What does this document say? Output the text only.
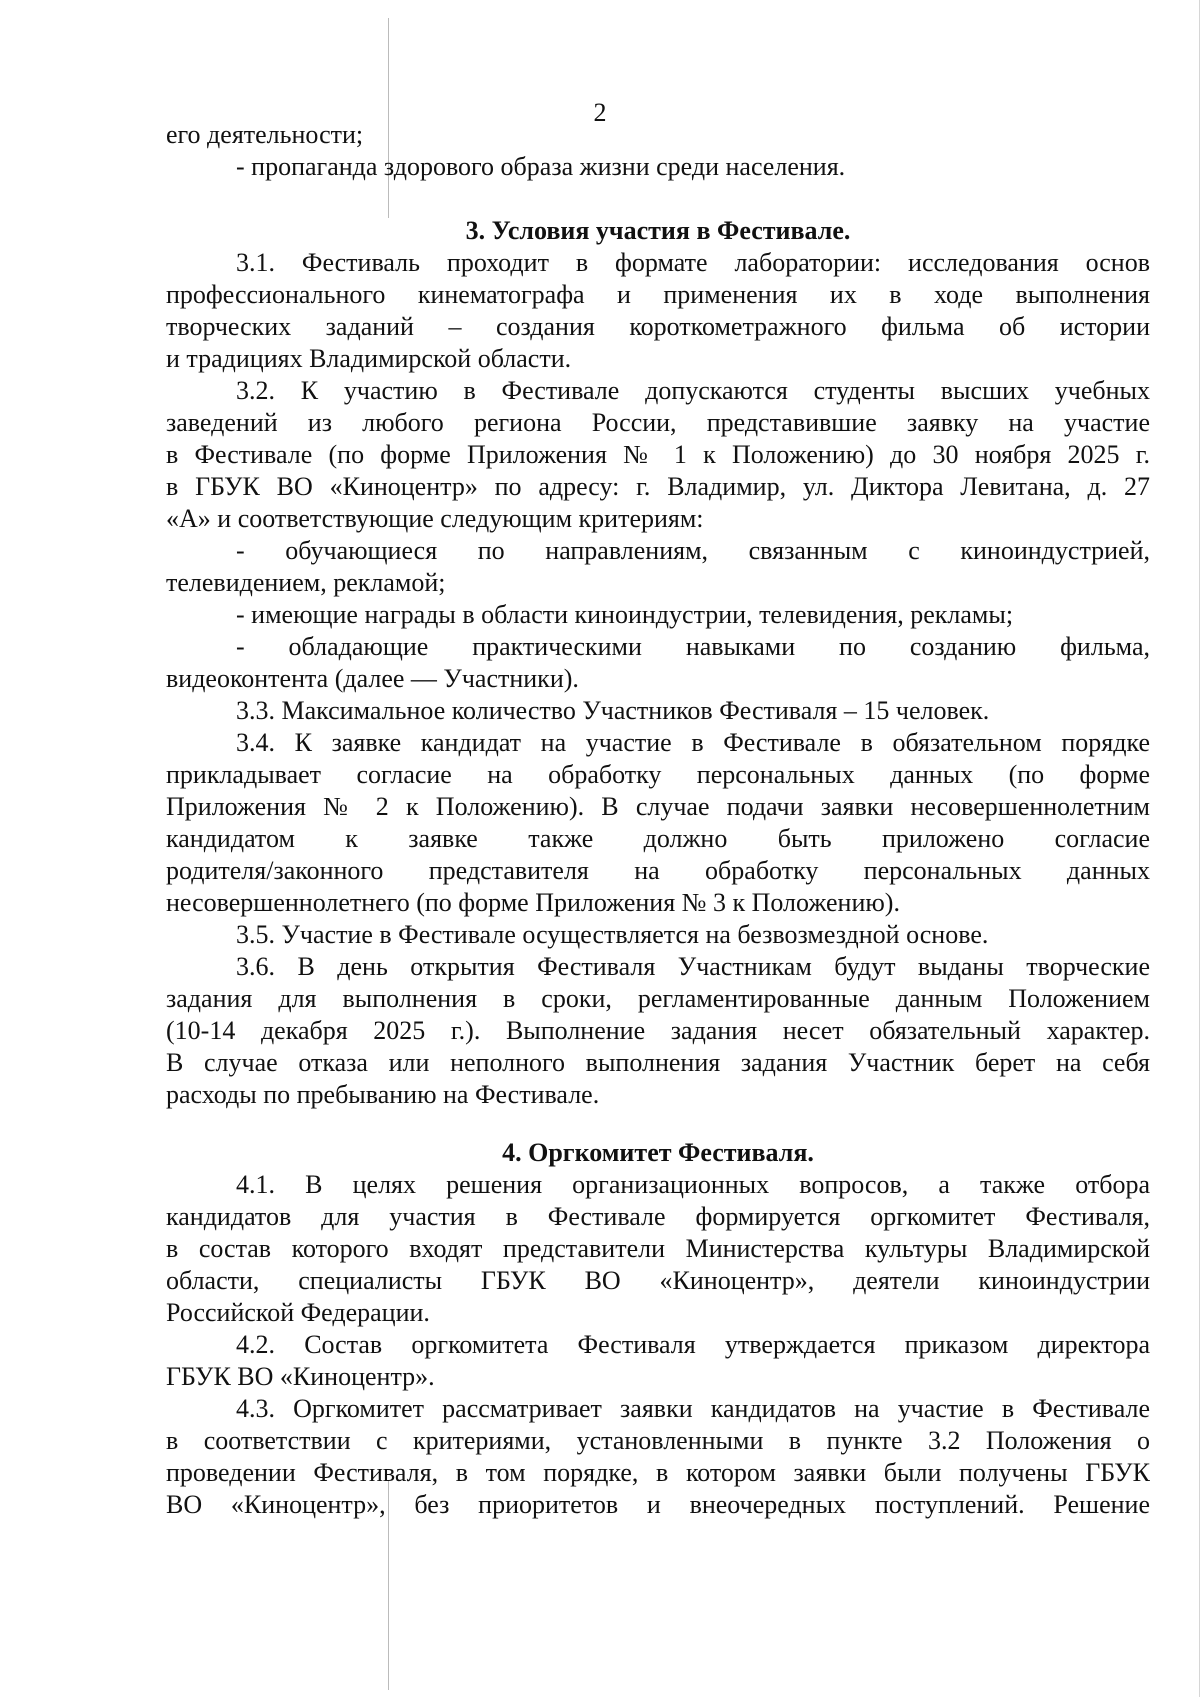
2
его деятельности;
- пропаганда здорового образа жизни среди населения.
3. Условия участия в Фестивале.
3.1. Фестиваль проходит в формате лаборатории: исследования основ
профессионального кинематографа и применения их в ходе выполнения
творческих заданий – создания короткометражного фильма об истории
и традициях Владимирской области.
3.2. К участию в Фестивале допускаются студенты высших учебных
заведений из любого региона России, представившие заявку на участие
в Фестивале (по форме Приложения № 1 к Положению) до 30 ноября 2025 г.
в ГБУК ВО «Киноцентр» по адресу: г. Владимир, ул. Диктора Левитана, д. 27
«А» и соответствующие следующим критериям:
- обучающиеся по направлениям, связанным с киноиндустрией,
телевидением, рекламой;
- имеющие награды в области киноиндустрии, телевидения, рекламы;
- обладающие практическими навыками по созданию фильма,
видеоконтента (далее — Участники).
3.3. Максимальное количество Участников Фестиваля – 15 человек.
3.4. К заявке кандидат на участие в Фестивале в обязательном порядке
прикладывает согласие на обработку персональных данных (по форме
Приложения № 2 к Положению). В случае подачи заявки несовершеннолетним
кандидатом к заявке также должно быть приложено согласие
родителя/законного представителя на обработку персональных данных
несовершеннолетнего (по форме Приложения № 3 к Положению).
3.5. Участие в Фестивале осуществляется на безвозмездной основе.
3.6. В день открытия Фестиваля Участникам будут выданы творческие
задания для выполнения в сроки, регламентированные данным Положением
(10-14 декабря 2025 г.). Выполнение задания несет обязательный характер.
В случае отказа или неполного выполнения задания Участник берет на себя
расходы по пребыванию на Фестивале.
4. Оргкомитет Фестиваля.
4.1. В целях решения организационных вопросов, а также отбора
кандидатов для участия в Фестивале формируется оргкомитет Фестиваля,
в состав которого входят представители Министерства культуры Владимирской
области, специалисты ГБУК ВО «Киноцентр», деятели киноиндустрии
Российской Федерации.
4.2. Состав оргкомитета Фестиваля утверждается приказом директора
ГБУК ВО «Киноцентр».
4.3. Оргкомитет рассматривает заявки кандидатов на участие в Фестивале
в соответствии с критериями, установленными в пункте 3.2 Положения о
проведении Фестиваля, в том порядке, в котором заявки были получены ГБУК
ВО «Киноцентр», без приоритетов и внеочередных поступлений. Решение
